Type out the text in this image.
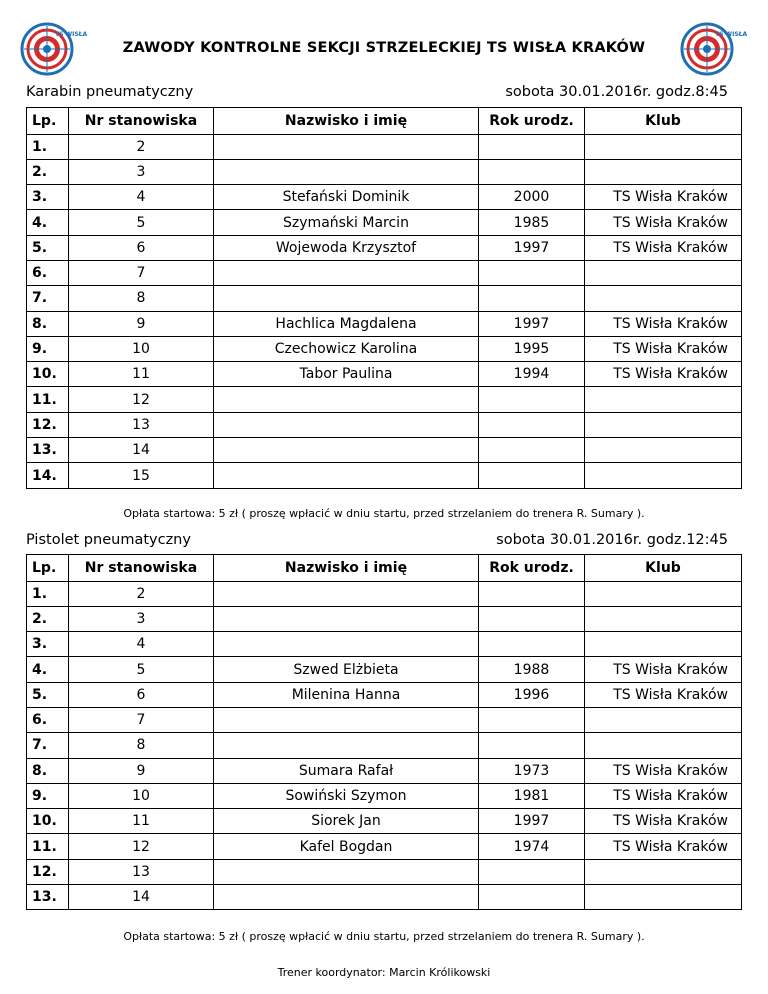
TS WISŁA
ZAWODY KONTROLNE SEKCJI STRZELECKIEJ TS WISŁA KRAKÓW
TS WISŁA
Karabin pneumatyczny	sobota 30.01.2016r. godz.8:45
Lp.	Nr stanowiska	Nazwisko i imię	Rok urodz.	Klub
1.	2			
2.	3			
3.	4	Stefański Dominik	2000	TS Wisła Kraków
4.	5	Szymański Marcin	1985	TS Wisła Kraków
5.	6	Wojewoda Krzysztof	1997	TS Wisła Kraków
6.	7			
7.	8			
8.	9	Hachlica Magdalena	1997	TS Wisła Kraków
9.	10	Czechowicz Karolina	1995	TS Wisła Kraków
10.	11	Tabor Paulina	1994	TS Wisła Kraków
11.	12			
12.	13			
13.	14			
14.	15			
Opłata startowa: 5 zł ( proszę wpłacić w dniu startu, przed strzelaniem do trenera R. Sumary ).
Pistolet pneumatyczny	sobota 30.01.2016r. godz.12:45
Lp.	Nr stanowiska	Nazwisko i imię	Rok urodz.	Klub
1.	2			
2.	3			
3.	4			
4.	5	Szwed Elżbieta	1988	TS Wisła Kraków
5.	6	Milenina Hanna	1996	TS Wisła Kraków
6.	7			
7.	8			
8.	9	Sumara Rafał	1973	TS Wisła Kraków
9.	10	Sowiński Szymon	1981	TS Wisła Kraków
10.	11	Siorek Jan	1997	TS Wisła Kraków
11.	12	Kafel Bogdan	1974	TS Wisła Kraków
12.	13			
13.	14			
Opłata startowa: 5 zł ( proszę wpłacić w dniu startu, przed strzelaniem do trenera R. Sumary ).
Trener koordynator: Marcin Królikowski
